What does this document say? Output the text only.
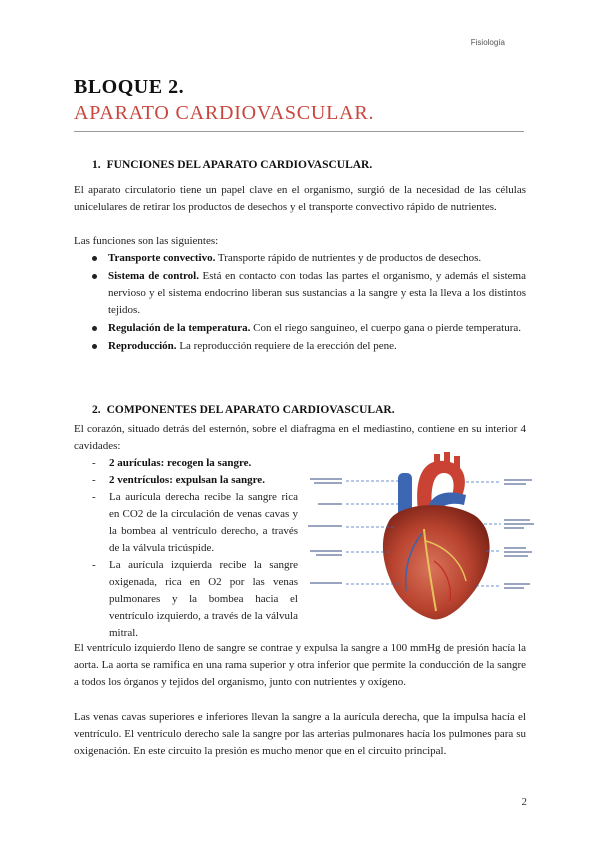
Fisiología
BLOQUE 2.
APARATO CARDIOVASCULAR.
1. FUNCIONES DEL APARATO CARDIOVASCULAR.
El aparato circulatorio tiene un papel clave en el organismo, surgió de la necesidad de las células unicelulares de retirar los productos de desechos y el transporte convectivo rápido de nutrientes.
Las funciones son las siguientes:
Transporte convectivo. Transporte rápido de nutrientes y de productos de desechos.
Sistema de control. Está en contacto con todas las partes el organismo, y además el sistema nervioso y el sistema endocrino liberan sus sustancias a la sangre y esta la lleva a los distintos tejidos.
Regulación de la temperatura. Con el riego sanguíneo, el cuerpo gana o pierde temperatura.
Reproducción. La reproducción requiere de la erección del pene.
2. COMPONENTES DEL APARATO CARDIOVASCULAR.
El corazón, situado detrás del esternón, sobre el diafragma en el mediastino, contiene en su interior 4 cavidades:
- 2 aurículas: recogen la sangre.
- 2 ventrículos: expulsan la sangre.
- La aurícula derecha recibe la sangre rica en CO2 de la circulación de venas cavas y la bombea al ventrículo derecho, a través de la válvula tricúspide.
- La aurícula izquierda recibe la sangre oxigenada, rica en O2 por las venas pulmonares y la bombea hacia el ventrículo izquierdo, a través de la válvula mitral.
El ventrículo izquierdo lleno de sangre se contrae y expulsa la sangre a 100 mmHg de presión hacía la aorta. La aorta se ramifica en una rama superior y otra inferior que permite la conducción de la sangre a todos los órganos y tejidos del organismo, junto con nutrientes y oxígeno.
Las venas cavas superiores e inferiores llevan la sangre a la aurícula derecha, que la impulsa hacía el ventrículo. El ventrículo derecho sale la sangre por las arterias pulmonares hacía los pulmones para su oxigenación. En este circuito la presión es mucho menor que en el circuito principal.
2
